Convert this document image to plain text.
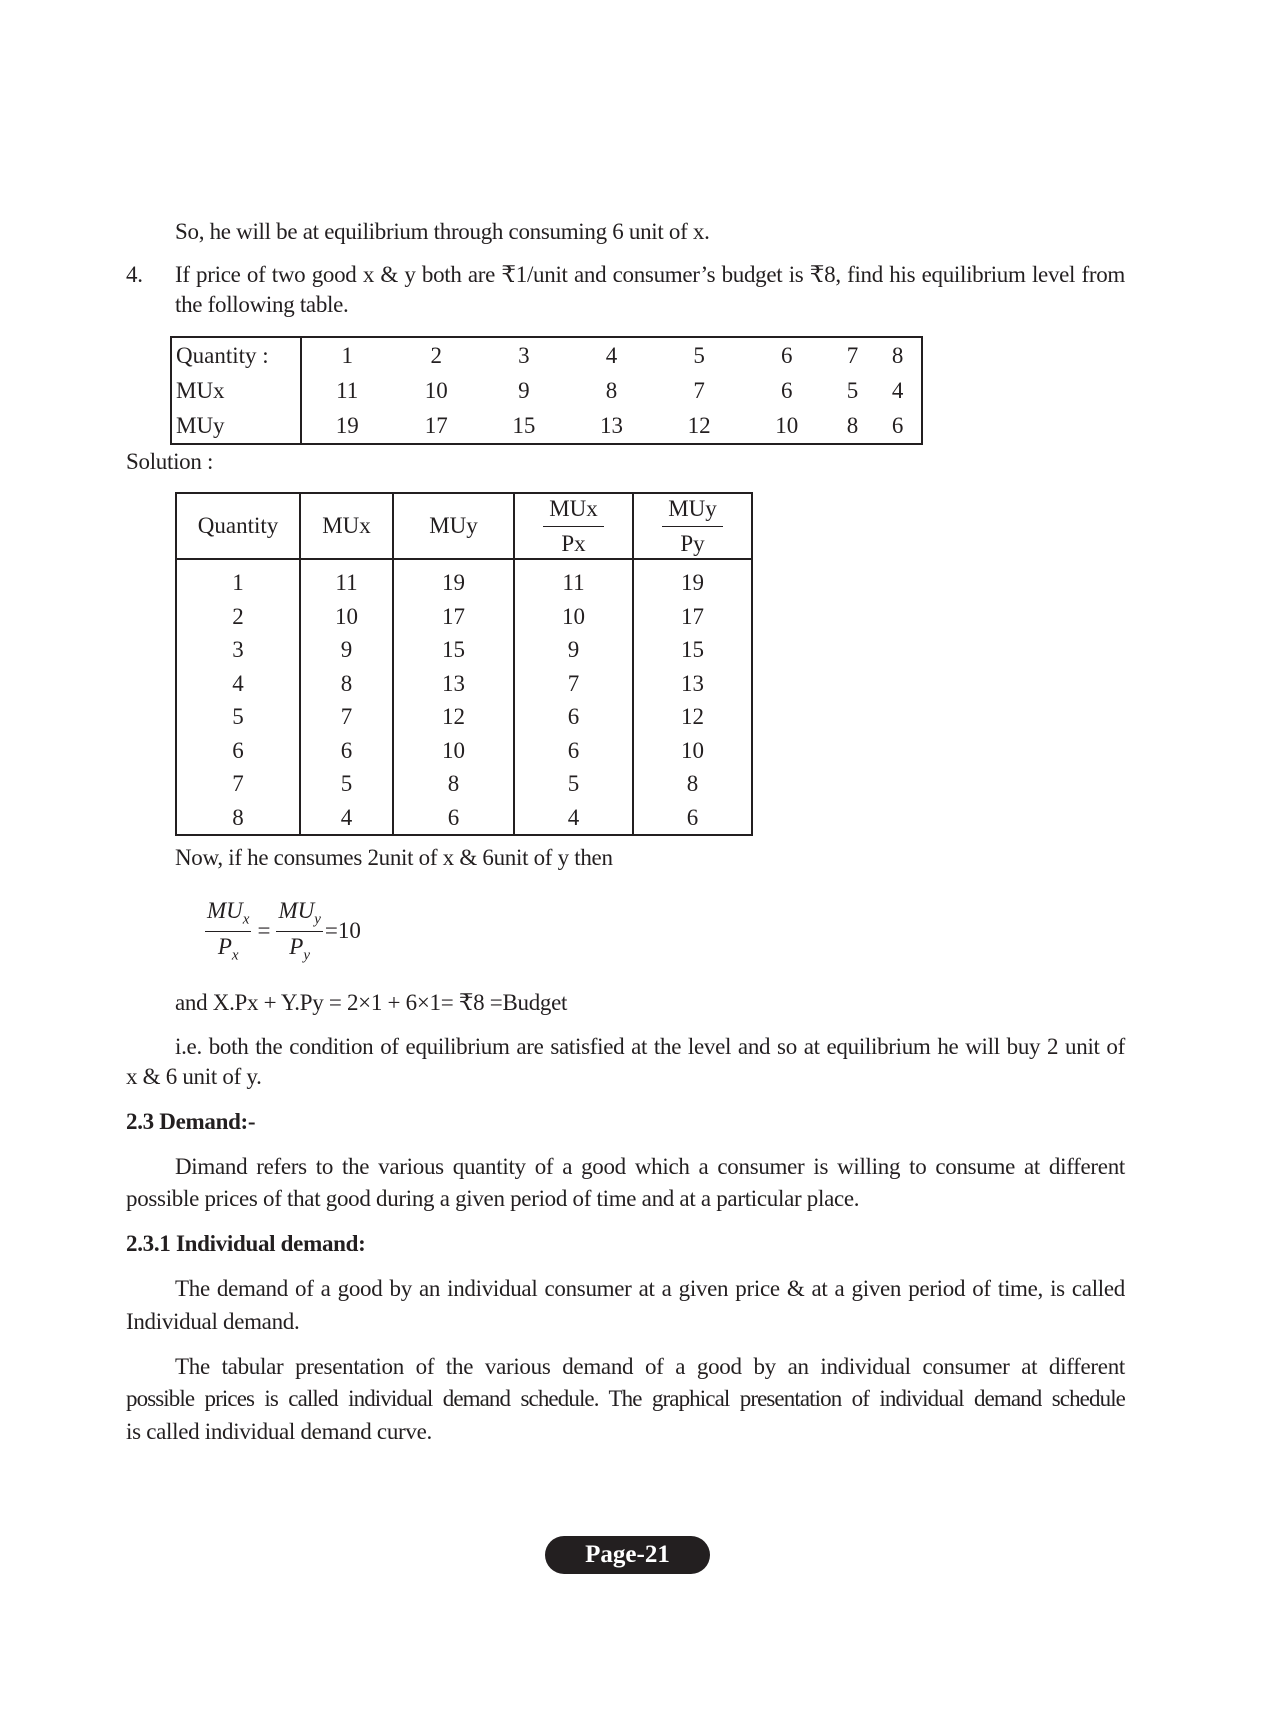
So, he will be at equilibrium through consuming 6 unit of x.
4. If price of two good x & y both are ₹1/unit and consumer’s budget is ₹8, find his equilibrium level from
the following table.
Quantity :	1	2	3	4	5	6	7	8
MUx	11	10	9	8	7	6	5	4
MUy	19	17	15	13	12	10	8	6
Solution :
Quantity	MUx	MUy	$\frac{\text{MUx}}{Px}$	$\frac{\text{MUy}}{Py}$

1	11	19	11	19
2	10	17	10	17
3	9	15	9	15
4	8	13	7	13
5	7	12	6	12
6	6	10	6	10
7	5	8	5	8
8	4	6	4	6
Now, if he consumes 2unit of x & 6unit of y then
$\frac{MU_x}{P_x} = \frac{MU_y}{P_y} =10$
and X.Px + Y.Py = 2×1 + 6×1= ₹8 =Budget
i.e. both the condition of equilibrium are satisfied at the level and so at equilibrium he will buy 2 unit of
x & 6 unit of y.
2.3 Demand:-
Dimand refers to the various quantity of a good which a consumer is willing to consume at different
possible prices of that good during a given period of time and at a particular place.
2.3.1 Individual demand:
The demand of a good by an individual consumer at a given price & at a given period of time, is called
Individual demand.
The tabular presentation of the various demand of a good by an individual consumer at different
possible prices is called individual demand schedule. The graphical presentation of individual demand schedule
is called individual demand curve.
Page-21
